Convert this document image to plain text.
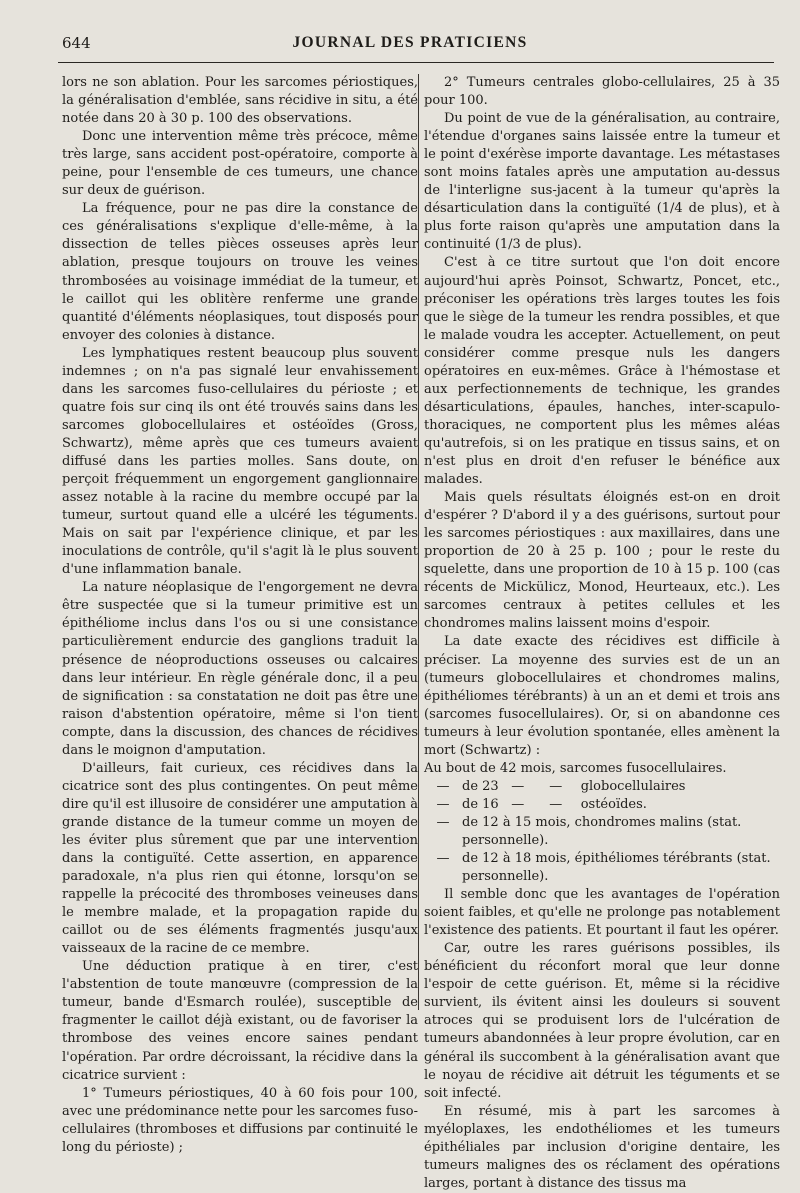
644	JOURNAL DES PRATICIENS

lors ne son ablation. Pour les sarcomes périostiques, la généralisation d'emblée, sans récidive in situ, a été notée dans 20 à 30 p. 100 des observations.

Donc une intervention même très précoce, même très large, sans accident post-opératoire, comporte à peine, pour l'ensemble de ces tumeurs, une chance sur deux de guérison.

La fréquence, pour ne pas dire la constance de ces généralisations s'explique d'elle-même, à la dissection de telles pièces osseuses après leur ablation, presque toujours on trouve les veines thrombosées au voisinage immédiat de la tumeur, et le caillot qui les oblitère renferme une grande quantité d'éléments néoplasiques, tout disposés pour envoyer des colonies à distance.

Les lymphatiques restent beaucoup plus souvent indemnes ; on n'a pas signalé leur envahissement dans les sarcomes fuso-cellulaires du périoste ; et quatre fois sur cinq ils ont été trouvés sains dans les sarcomes globocellulaires et ostéoïdes (Gross, Schwartz), même après que ces tumeurs avaient diffusé dans les parties molles. Sans doute, on perçoit fréquemment un engorgement ganglionnaire assez notable à la racine du membre occupé par la tumeur, surtout quand elle a ulcéré les téguments. Mais on sait par l'expérience clinique, et par les inoculations de contrôle, qu'il s'agit là le plus souvent d'une inflammation banale.

La nature néoplasique de l'engorgement ne devra être suspectée que si la tumeur primitive est un épithéliome inclus dans l'os ou si une consistance particulièrement endurcie des ganglions traduit la présence de néoproductions osseuses ou calcaires dans leur intérieur. En règle générale donc, il a peu de signification : sa constatation ne doit pas être une raison d'abstention opératoire, même si l'on tient compte, dans la discussion, des chances de récidives dans le moignon d'amputation.

D'ailleurs, fait curieux, ces récidives dans la cicatrice sont des plus contingentes. On peut même dire qu'il est illusoire de considérer une amputation à grande distance de la tumeur comme un moyen de les éviter plus sûrement que par une intervention dans la contiguïté. Cette assertion, en apparence paradoxale, n'a plus rien qui étonne, lorsqu'on se rappelle la précocité des thromboses veineuses dans le membre malade, et la propagation rapide du caillot ou de ses éléments fragmentés jusqu'aux vaisseaux de la racine de ce membre.

Une déduction pratique à en tirer, c'est l'abstention de toute manœuvre (compression de la tumeur, bande d'Esmarch roulée), susceptible de fragmenter le caillot déjà existant, ou de favoriser la thrombose des veines encore saines pendant l'opération. Par ordre décroissant, la récidive dans la cicatrice survient :

1° Tumeurs périostiques, 40 à 60 fois pour 100, avec une prédominance nette pour les sarcomes fuso-cellulaires (thromboses et diffusions par continuité le long du périoste) ;

2° Tumeurs centrales globo-cellulaires, 25 à 35 pour 100.

Du point de vue de la généralisation, au contraire, l'étendue d'organes sains laissée entre la tumeur et le point d'exérèse importe davantage. Les métastases sont moins fatales après une amputation au-dessus de l'interligne sus-jacent à la tumeur qu'après la désarticulation dans la contiguïté (1/4 de plus), et à plus forte raison qu'après une amputation dans la continuité (1/3 de plus).

C'est à ce titre surtout que l'on doit encore aujourd'hui après Poinsot, Schwartz, Poncet, etc., préconiser les opérations très larges toutes les fois que le siège de la tumeur les rendra possibles, et que le malade voudra les accepter. Actuellement, on peut considérer comme presque nuls les dangers opératoires en eux-mêmes. Grâce à l'hémostase et aux perfectionnements de technique, les grandes désarticulations, épaules, hanches, inter-scapulo-thoraciques, ne comportent plus les mêmes aléas qu'autrefois, si on les pratique en tissus sains, et on n'est plus en droit d'en refuser le bénéfice aux malades.

Mais quels résultats éloignés est-on en droit d'espérer ? D'abord il y a des guérisons, surtout pour les sarcomes périostiques : aux maxillaires, dans une proportion de 20 à 25 p. 100 ; pour le reste du squelette, dans une proportion de 10 à 15 p. 100 (cas récents de Mickülicz, Monod, Heurteaux, etc.). Les sarcomes centraux à petites cellules et les chondromes malins laissent moins d'espoir.

La date exacte des récidives est difficile à préciser. La moyenne des survies est de un an (tumeurs globocellulaires et chondromes malins, épithéliomes térébrants) à un an et demi et trois ans (sarcomes fusocellulaires). Or, si on abandonne ces tumeurs à leur évolution spontanée, elles amènent la mort (Schwartz) :

Au bout de 42 mois, sarcomes fusocellulaires.
— de 23 —	—	globocellulaires
— de 16 —	—	ostéoïdes.
— de 12 à 15 mois, chondromes malins (stat. personnelle).
— de 12 à 18 mois, épithéliomes térébrants (stat. personnelle).

Il semble donc que les avantages de l'opération soient faibles, et qu'elle ne prolonge pas notablement l'existence des patients. Et pourtant il faut les opérer.

Car, outre les rares guérisons possibles, ils bénéficient du réconfort moral que leur donne l'espoir de cette guérison. Et, même si la récidive survient, ils évitent ainsi les douleurs si souvent atroces qui se produisent lors de l'ulcération de tumeurs abandonnées à leur propre évolution, car en général ils succombent à la généralisation avant que le noyau de récidive ait détruit les téguments et se soit infecté.

En résumé, mis à part les sarcomes à myéloplaxes, les endothéliomes et les tumeurs épithéliales par inclusion d'origine dentaire, les tumeurs malignes des os réclament des opérations larges, portant à distance des tissus ma
